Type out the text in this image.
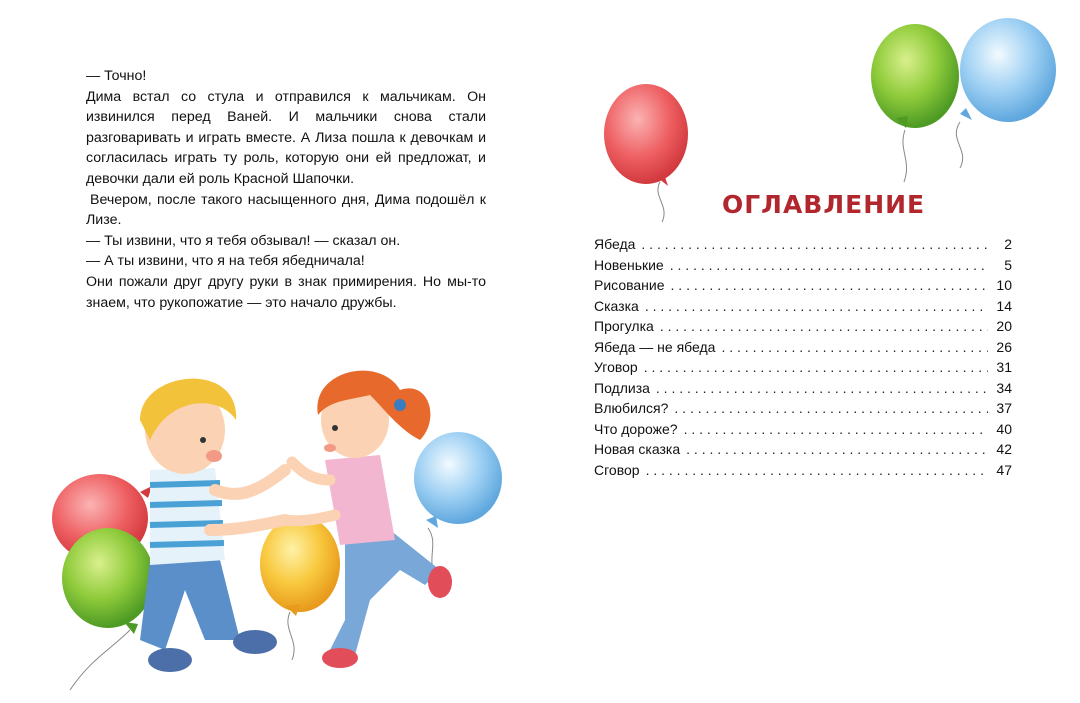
— Точно!

Дима встал со стула и отправился к мальчикам. Он извинился перед Ваней. И мальчики снова стали разговаривать и играть вместе. А Лиза пошла к девочкам и согласилась играть ту роль, которую они ей предложат, и девочки дали ей роль Красной Шапочки.

Вечером, после такого насыщенного дня, Дима подошёл к Лизе.

— Ты извини, что я тебя обзывал! — сказал он.

— А ты извини, что я на тебя ябедничала!

Они пожали друг другу руки в знак примирения. Но мы-то знаем, что рукопожатие — это начало дружбы.

ОГЛАВЛЕНИЕ
Ябеда . . .	2
Новенькие . . .	5
Рисование . . .	10
Сказка . . .	14
Прогулка . . .	20
Ябеда — не ябеда . . .	26
Уговор . . .	31
Подлиза . . .	34
Влюбился? . . .	37
Что дороже? . . .	40
Новая сказка . . .	42
Сговор . . .	47
